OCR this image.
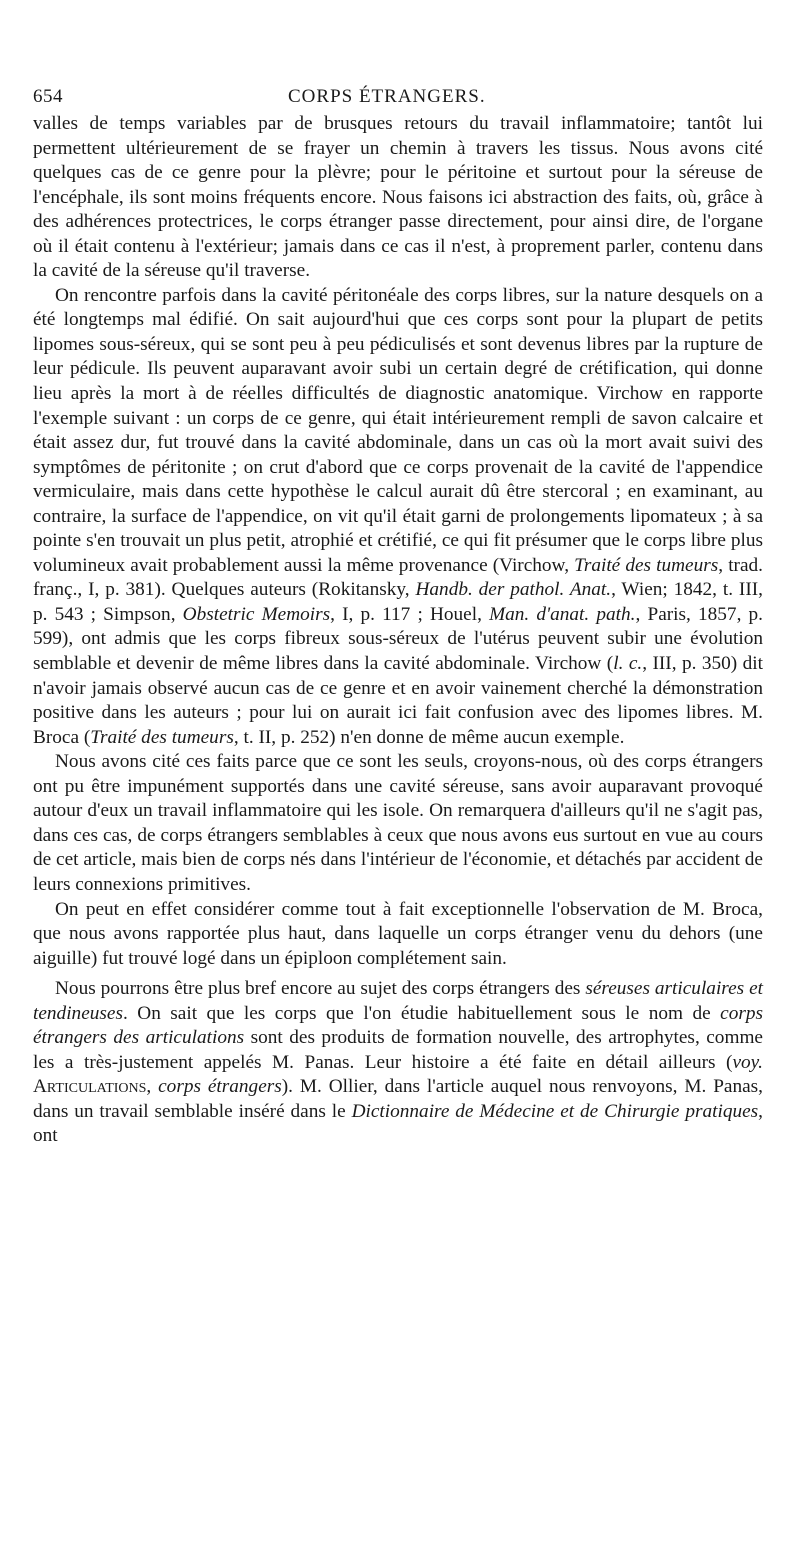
654	CORPS ÉTRANGERS.

valles de temps variables par de brusques retours du travail inflammatoire; tantôt lui permettent ultérieurement de se frayer un chemin à travers les tissus. Nous avons cité quelques cas de ce genre pour la plèvre; pour le péritoine et surtout pour la séreuse de l'encéphale, ils sont moins fréquents encore. Nous faisons ici abstraction des faits, où, grâce à des adhérences protectrices, le corps étranger passe directement, pour ainsi dire, de l'organe où il était contenu à l'extérieur; jamais dans ce cas il n'est, à proprement parler, contenu dans la cavité de la séreuse qu'il traverse.

On rencontre parfois dans la cavité péritonéale des corps libres, sur la nature desquels on a été longtemps mal édifié. On sait aujourd'hui que ces corps sont pour la plupart de petits lipomes sous-séreux, qui se sont peu à peu pédiculisés et sont devenus libres par la rupture de leur pédicule. Ils peuvent auparavant avoir subi un certain degré de crétification, qui donne lieu après la mort à de réelles difficultés de diagnostic anatomique. Virchow en rapporte l'exemple suivant : un corps de ce genre, qui était intérieurement rempli de savon calcaire et était assez dur, fut trouvé dans la cavité abdominale, dans un cas où la mort avait suivi des symptômes de péritonite ; on crut d'abord que ce corps provenait de la cavité de l'appendice vermiculaire, mais dans cette hypothèse le calcul aurait dû être stercoral ; en examinant, au contraire, la surface de l'appendice, on vit qu'il était garni de prolongements lipomateux ; à sa pointe s'en trouvait un plus petit, atrophié et crétifié, ce qui fit présumer que le corps libre plus volumineux avait probablement aussi la même provenance (Virchow, Traité des tumeurs, trad. franç., I, p. 381). Quelques auteurs (Rokitansky, Handb. der pathol. Anat., Wien; 1842, t. III, p. 543 ; Simpson, Obstetric Memoirs, I, p. 117 ; Houel, Man. d'anat. path., Paris, 1857, p. 599), ont admis que les corps fibreux sous-séreux de l'utérus peuvent subir une évolution semblable et devenir de même libres dans la cavité abdominale. Virchow (l. c., III, p. 350) dit n'avoir jamais observé aucun cas de ce genre et en avoir vainement cherché la démonstration positive dans les auteurs ; pour lui on aurait ici fait confusion avec des lipomes libres. M. Broca (Traité des tumeurs, t. II, p. 252) n'en donne de même aucun exemple.

Nous avons cité ces faits parce que ce sont les seuls, croyons-nous, où des corps étrangers ont pu être impunément supportés dans une cavité séreuse, sans avoir auparavant provoqué autour d'eux un travail inflammatoire qui les isole. On remarquera d'ailleurs qu'il ne s'agit pas, dans ces cas, de corps étrangers semblables à ceux que nous avons eus surtout en vue au cours de cet article, mais bien de corps nés dans l'intérieur de l'économie, et détachés par accident de leurs connexions primitives.

On peut en effet considérer comme tout à fait exceptionnelle l'observation de M. Broca, que nous avons rapportée plus haut, dans laquelle un corps étranger venu du dehors (une aiguille) fut trouvé logé dans un épiploon complétement sain.

Nous pourrons être plus bref encore au sujet des corps étrangers des séreuses articulaires et tendineuses. On sait que les corps que l'on étudie habituellement sous le nom de corps étrangers des articulations sont des produits de formation nouvelle, des artrophytes, comme les a très-justement appelés M. Panas. Leur histoire a été faite en détail ailleurs (voy. Articulations, corps étrangers). M. Ollier, dans l'article auquel nous renvoyons, M. Panas, dans un travail semblable inséré dans le Dictionnaire de Médecine et de Chirurgie pratiques, ont
